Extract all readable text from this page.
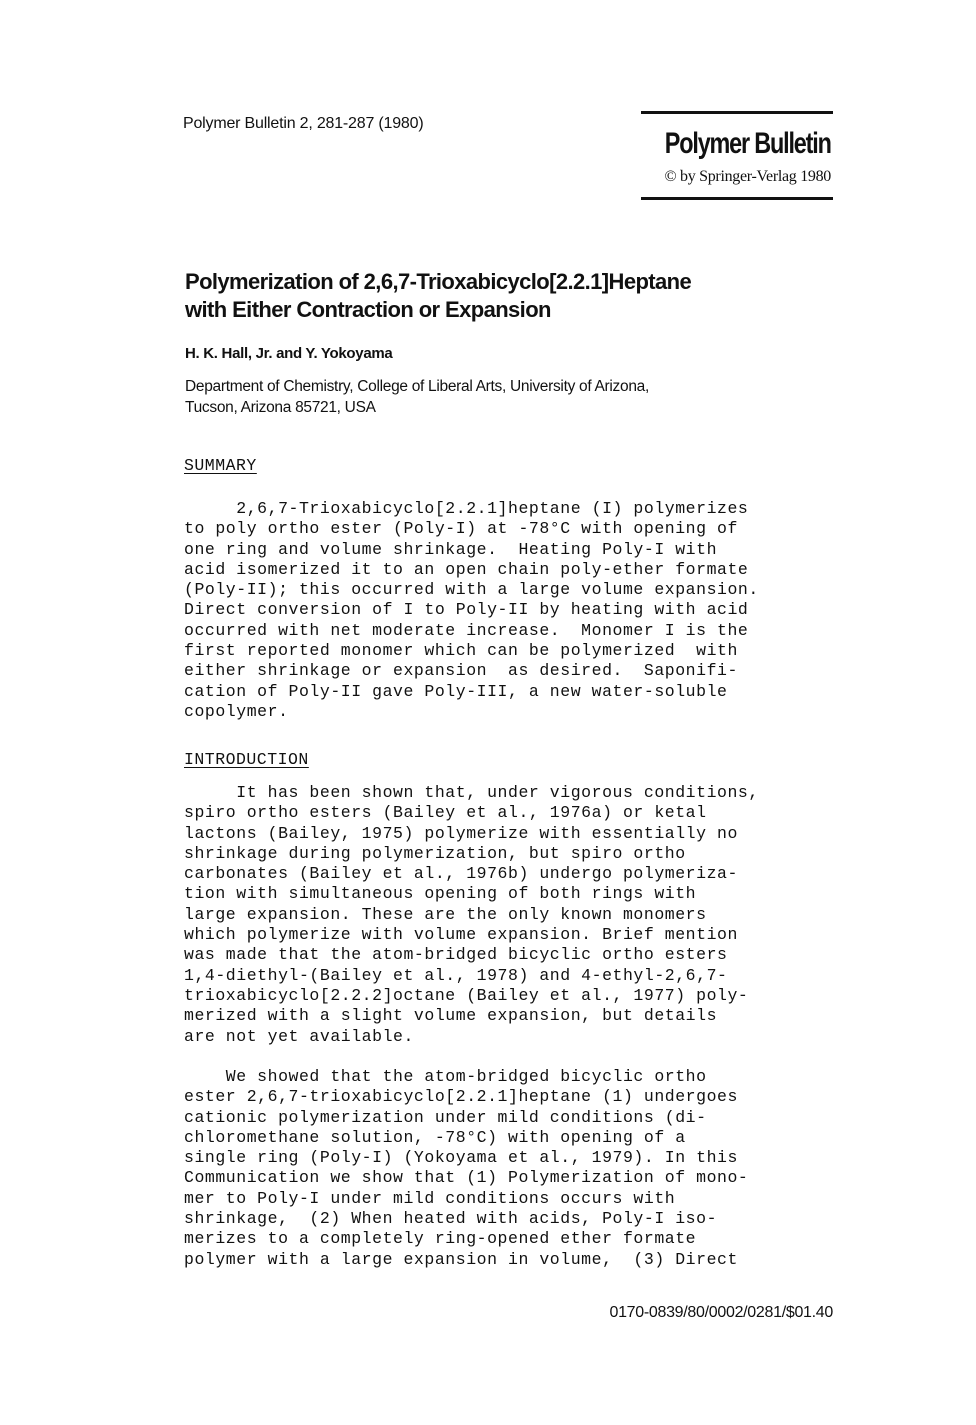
Polymer Bulletin 2, 281-287 (1980)
Polymer Bulletin
© by Springer-Verlag 1980
Polymerization of 2,6,7-Trioxabicyclo[2.2.1]Heptane
with Either Contraction or Expansion
H. K. Hall, Jr. and Y. Yokoyama
Department of Chemistry, College of Liberal Arts, University of Arizona,
Tucson, Arizona 85721, USA
SUMMARY
2,6,7-Trioxabicyclo[2.2.1]heptane (I) polymerizes
to poly ortho ester (Poly-I) at -78°C with opening of
one ring and volume shrinkage.  Heating Poly-I with
acid isomerized it to an open chain poly-ether formate
(Poly-II); this occurred with a large volume expansion.
Direct conversion of I to Poly-II by heating with acid
occurred with net moderate increase.  Monomer I is the
first reported monomer which can be polymerized  with
either shrinkage or expansion  as desired.  Saponifi-
cation of Poly-II gave Poly-III, a new water-soluble
copolymer.
INTRODUCTION
It has been shown that, under vigorous conditions,
spiro ortho esters (Bailey et al., 1976a) or ketal
lactons (Bailey, 1975) polymerize with essentially no
shrinkage during polymerization, but spiro ortho
carbonates (Bailey et al., 1976b) undergo polymeriza-
tion with simultaneous opening of both rings with
large expansion. These are the only known monomers
which polymerize with volume expansion. Brief mention
was made that the atom-bridged bicyclic ortho esters
1,4-diethyl-(Bailey et al., 1978) and 4-ethyl-2,6,7-
trioxabicyclo[2.2.2]octane (Bailey et al., 1977) poly-
merized with a slight volume expansion, but details
are not yet available.
We showed that the atom-bridged bicyclic ortho
ester 2,6,7-trioxabicyclo[2.2.1]heptane (1) undergoes
cationic polymerization under mild conditions (di-
chloromethane solution, -78°C) with opening of a
single ring (Poly-I) (Yokoyama et al., 1979). In this
Communication we show that (1) Polymerization of mono-
mer to Poly-I under mild conditions occurs with
shrinkage,  (2) When heated with acids, Poly-I iso-
merizes to a completely ring-opened ether formate
polymer with a large expansion in volume,  (3) Direct
0170-0839/80/0002/0281/$01.40
